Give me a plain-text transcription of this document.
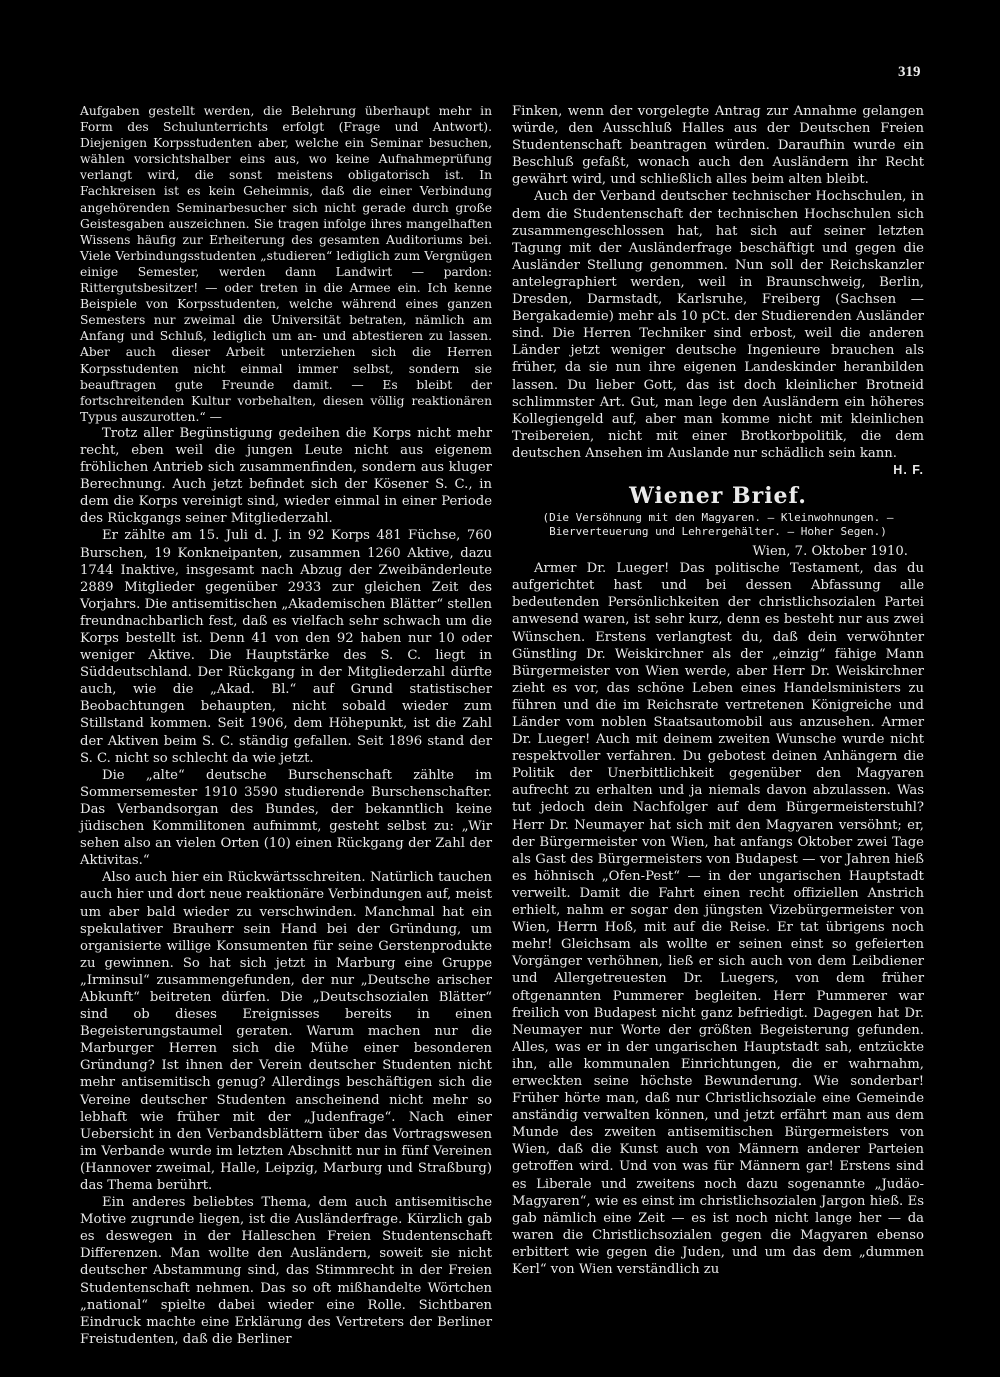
319

Aufgaben gestellt werden, die Belehrung überhaupt mehr in Form des Schulunterrichts erfolgt (Frage und Antwort). Diejenigen Korpsstudenten aber, welche ein Seminar besuchen, wählen vorsichtshalber eins aus, wo keine Aufnahmeprüfung verlangt wird, die sonst meistens obligatorisch ist. In Fachkreisen ist es kein Geheimnis, daß die einer Verbindung angehörenden Seminarbesucher sich nicht gerade durch große Geistesgaben auszeichnen. Sie tragen infolge ihres mangelhaften Wissens häufig zur Erheiterung des gesamten Auditoriums bei. Viele Verbindungsstudenten „studieren“ lediglich zum Vergnügen einige Semester, werden dann Landwirt — pardon: Rittergutsbesitzer! — oder treten in die Armee ein. Ich kenne Beispiele von Korpsstudenten, welche während eines ganzen Semesters nur zweimal die Universität betraten, nämlich am Anfang und Schluß, lediglich um an- und abtestieren zu lassen. Aber auch dieser Arbeit unterziehen sich die Herren Korpsstudenten nicht einmal immer selbst, sondern sie beauftragen gute Freunde damit. — Es bleibt der fortschreitenden Kultur vorbehalten, diesen völlig reaktionären Typus auszurotten.“ —

Trotz aller Begünstigung gedeihen die Korps nicht mehr recht, eben weil die jungen Leute nicht aus eigenem fröhlichen Antrieb sich zusammenfinden, sondern aus kluger Berechnung. Auch jetzt befindet sich der Kösener S. C., in dem die Korps vereinigt sind, wieder einmal in einer Periode des Rückgangs seiner Mitgliederzahl.

Er zählte am 15. Juli d. J. in 92 Korps 481 Füchse, 760 Burschen, 19 Konkneipanten, zusammen 1260 Aktive, dazu 1744 Inaktive, insgesamt nach Abzug der Zweibänderleute 2889 Mitglieder gegenüber 2933 zur gleichen Zeit des Vorjahrs. Die antisemitischen „Akademischen Blätter“ stellen freundnachbarlich fest, daß es vielfach sehr schwach um die Korps bestellt ist. Denn 41 von den 92 haben nur 10 oder weniger Aktive. Die Hauptstärke des S. C. liegt in Süddeutschland. Der Rückgang in der Mitgliederzahl dürfte auch, wie die „Akad. Bl.“ auf Grund statistischer Beobachtungen behaupten, nicht sobald wieder zum Stillstand kommen. Seit 1906, dem Höhepunkt, ist die Zahl der Aktiven beim S. C. ständig gefallen. Seit 1896 stand der S. C. nicht so schlecht da wie jetzt.

Die „alte“ deutsche Burschenschaft zählte im Sommersemester 1910 3590 studierende Burschenschafter. Das Verbandsorgan des Bundes, der bekanntlich keine jüdischen Kommilitonen aufnimmt, gesteht selbst zu: „Wir sehen also an vielen Orten (10) einen Rückgang der Zahl der Aktivitas.“

Also auch hier ein Rückwärtsschreiten. Natürlich tauchen auch hier und dort neue reaktionäre Verbindungen auf, meist um aber bald wieder zu verschwinden. Manchmal hat ein spekulativer Brauherr sein Hand bei der Gründung, um organisierte willige Konsumenten für seine Gerstenprodukte zu gewinnen. So hat sich jetzt in Marburg eine Gruppe „Irminsul“ zusammengefunden, der nur „Deutsche arischer Abkunft“ beitreten dürfen. Die „Deutschsozialen Blätter“ sind ob dieses Ereignisses bereits in einen Begeisterungstaumel geraten. Warum machen nur die Marburger Herren sich die Mühe einer besonderen Gründung? Ist ihnen der Verein deutscher Studenten nicht mehr antisemitisch genug? Allerdings beschäftigen sich die Vereine deutscher Studenten anscheinend nicht mehr so lebhaft wie früher mit der „Judenfrage“. Nach einer Uebersicht in den Verbandsblättern über das Vortragswesen im Verbande wurde im letzten Abschnitt nur in fünf Vereinen (Hannover zweimal, Halle, Leipzig, Marburg und Straßburg) das Thema berührt.

Ein anderes beliebtes Thema, dem auch antisemitische Motive zugrunde liegen, ist die Ausländerfrage. Kürzlich gab es deswegen in der Halleschen Freien Studentenschaft Differenzen. Man wollte den Ausländern, soweit sie nicht deutscher Abstammung sind, das Stimmrecht in der Freien Studentenschaft nehmen. Das so oft mißhandelte Wörtchen „national“ spielte dabei wieder eine Rolle. Sichtbaren Eindruck machte eine Erklärung des Vertreters der Berliner Freistudenten, daß die Berliner

Finken, wenn der vorgelegte Antrag zur Annahme gelangen würde, den Ausschluß Halles aus der Deutschen Freien Studentenschaft beantragen würden. Daraufhin wurde ein Beschluß gefaßt, wonach auch den Ausländern ihr Recht gewährt wird, und schließlich alles beim alten bleibt.

Auch der Verband deutscher technischer Hochschulen, in dem die Studentenschaft der technischen Hochschulen sich zusammengeschlossen hat, hat sich auf seiner letzten Tagung mit der Ausländerfrage beschäftigt und gegen die Ausländer Stellung genommen. Nun soll der Reichskanzler antelegraphiert werden, weil in Braunschweig, Berlin, Dresden, Darmstadt, Karlsruhe, Freiberg (Sachsen — Bergakademie) mehr als 10 pCt. der Studierenden Ausländer sind. Die Herren Techniker sind erbost, weil die anderen Länder jetzt weniger deutsche Ingenieure brauchen als früher, da sie nun ihre eigenen Landeskinder heranbilden lassen. Du lieber Gott, das ist doch kleinlicher Brotneid schlimmster Art. Gut, man lege den Ausländern ein höheres Kollegiengeld auf, aber man komme nicht mit kleinlichen Treibereien, nicht mit einer Brotkorbpolitik, die dem deutschen Ansehen im Auslande nur schädlich sein kann.
H. F.

Wiener Brief.
(Die Versöhnung mit den Magyaren. — Kleinwohnungen. — Bierverteuerung und Lehrergehälter. — Hoher Segen.)

Wien, 7. Oktober 1910.

Armer Dr. Lueger! Das politische Testament, das du aufgerichtet hast und bei dessen Abfassung alle bedeutenden Persönlichkeiten der christlichsozialen Partei anwesend waren, ist sehr kurz, denn es besteht nur aus zwei Wünschen. Erstens verlangtest du, daß dein verwöhnter Günstling Dr. Weiskirchner als der „einzig“ fähige Mann Bürgermeister von Wien werde, aber Herr Dr. Weiskirchner zieht es vor, das schöne Leben eines Handelsministers zu führen und die im Reichsrate vertretenen Königreiche und Länder vom noblen Staatsautomobil aus anzusehen. Armer Dr. Lueger! Auch mit deinem zweiten Wunsche wurde nicht respektvoller verfahren. Du gebotest deinen Anhängern die Politik der Unerbittlichkeit gegenüber den Magyaren aufrecht zu erhalten und ja niemals davon abzulassen. Was tut jedoch dein Nachfolger auf dem Bürgermeisterstuhl? Herr Dr. Neumayer hat sich mit den Magyaren versöhnt; er, der Bürgermeister von Wien, hat anfangs Oktober zwei Tage als Gast des Bürgermeisters von Budapest — vor Jahren hieß es höhnisch „Ofen-Pest“ — in der ungarischen Hauptstadt verweilt. Damit die Fahrt einen recht offiziellen Anstrich erhielt, nahm er sogar den jüngsten Vizebürgermeister von Wien, Herrn Hoß, mit auf die Reise. Er tat übrigens noch mehr! Gleichsam als wollte er seinen einst so gefeierten Vorgänger verhöhnen, ließ er sich auch von dem Leibdiener und Allergetreuesten Dr. Luegers, von dem früher oftgenannten Pummerer begleiten. Herr Pummerer war freilich von Budapest nicht ganz befriedigt. Dagegen hat Dr. Neumayer nur Worte der größten Begeisterung gefunden. Alles, was er in der ungarischen Hauptstadt sah, entzückte ihn, alle kommunalen Einrichtungen, die er wahrnahm, erweckten seine höchste Bewunderung. Wie sonderbar! Früher hörte man, daß nur Christlichsoziale eine Gemeinde anständig verwalten können, und jetzt erfährt man aus dem Munde des zweiten antisemitischen Bürgermeisters von Wien, daß die Kunst auch von Männern anderer Parteien getroffen wird. Und von was für Männern gar! Erstens sind es Liberale und zweitens noch dazu sogenannte „Judäo-Magyaren“, wie es einst im christlichsozialen Jargon hieß. Es gab nämlich eine Zeit — es ist noch nicht lange her — da waren die Christlichsozialen gegen die Magyaren ebenso erbittert wie gegen die Juden, und um das dem „dummen Kerl“ von Wien verständlich zu
